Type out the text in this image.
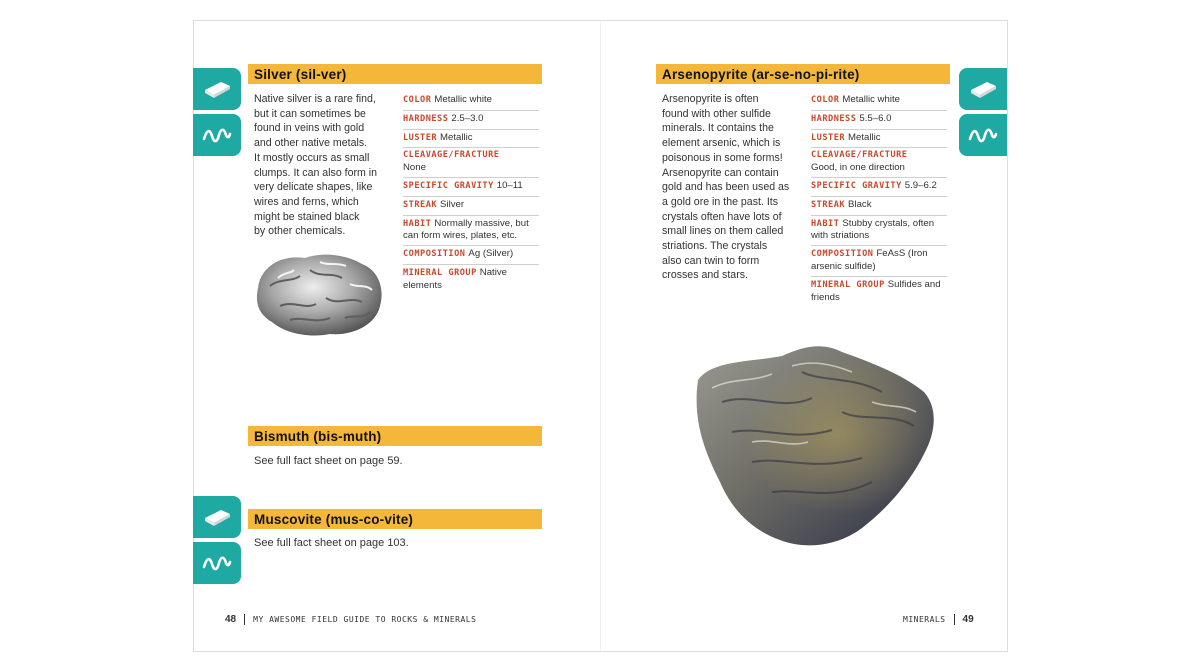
Silver (sil-ver)
Native silver is a rare find,
but it can sometimes be
found in veins with gold
and other native metals.
It mostly occurs as small
clumps. It can also form in
very delicate shapes, like
wires and ferns, which
might be stained black
by other chemicals.
COLOR Metallic white
HARDNESS 2.5–3.0
LUSTER Metallic
CLEAVAGE/FRACTURE
None
SPECIFIC GRAVITY 10–11
STREAK Silver
HABIT Normally massive, but can form wires, plates, etc.
COMPOSITION Ag (Silver)
MINERAL GROUP Native elements
Bismuth (bis-muth)
See full fact sheet on page 59.
Muscovite (mus-co-vite)
See full fact sheet on page 103.
48 MY AWESOME FIELD GUIDE TO ROCKS & MINERALS
Arsenopyrite (ar-se-no-pi-rite)
Arsenopyrite is often
found with other sulfide
minerals. It contains the
element arsenic, which is
poisonous in some forms!
Arsenopyrite can contain
gold and has been used as
a gold ore in the past. Its
crystals often have lots of
small lines on them called
striations. The crystals
also can twin to form
crosses and stars.
COLOR Metallic white
HARDNESS 5.5–6.0
LUSTER Metallic
CLEAVAGE/FRACTURE
Good, in one direction
SPECIFIC GRAVITY 5.9–6.2
STREAK Black
HABIT Stubby crystals, often with striations
COMPOSITION FeAsS (Iron arsenic sulfide)
MINERAL GROUP Sulfides and friends
MINERALS 49
